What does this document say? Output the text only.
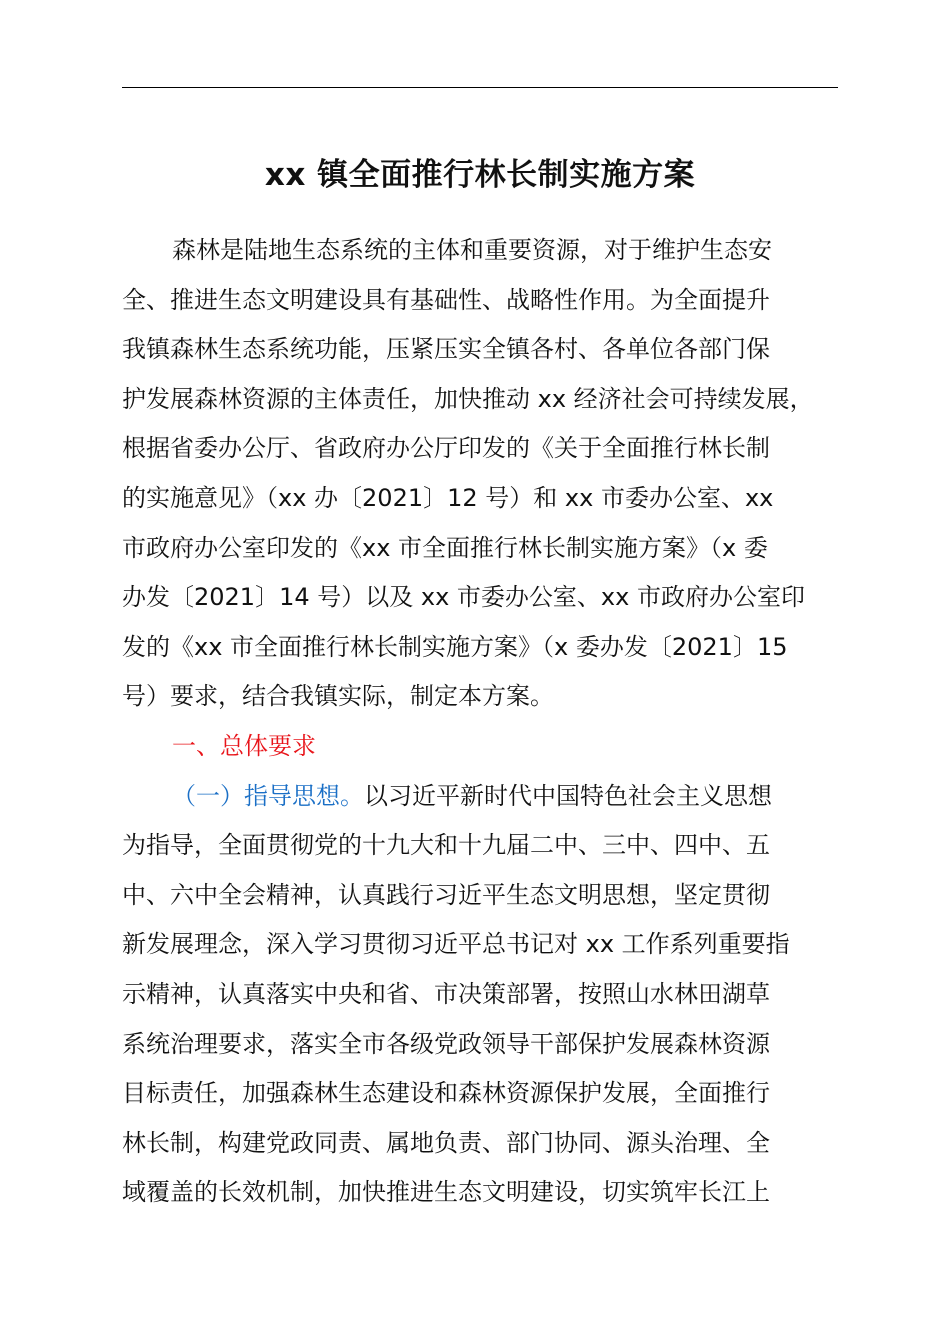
xx 镇全面推行林长制实施方案
森林是陆地生态系统的主体和重要资源，对于维护生态安
全、推进生态文明建设具有基础性、战略性作用。为全面提升
我镇森林生态系统功能，压紧压实全镇各村、各单位各部门保
护发展森林资源的主体责任，加快推动 xx 经济社会可持续发展，
根据省委办公厅、省政府办公厅印发的《关于全面推行林长制
的实施意见》（xx 办〔2021〕12 号）和 xx 市委办公室、xx
市政府办公室印发的《xx 市全面推行林长制实施方案》（x 委
办发〔2021〕14 号）以及 xx 市委办公室、xx 市政府办公室印
发的《xx 市全面推行林长制实施方案》（x 委办发〔2021〕15
号）要求，结合我镇实际，制定本方案。
一、总体要求
（一）指导思想。以习近平新时代中国特色社会主义思想
为指导，全面贯彻党的十九大和十九届二中、三中、四中、五
中、六中全会精神，认真践行习近平生态文明思想，坚定贯彻
新发展理念，深入学习贯彻习近平总书记对 xx 工作系列重要指
示精神，认真落实中央和省、市决策部署，按照山水林田湖草
系统治理要求，落实全市各级党政领导干部保护发展森林资源
目标责任，加强森林生态建设和森林资源保护发展，全面推行
林长制，构建党政同责、属地负责、部门协同、源头治理、全
域覆盖的长效机制，加快推进生态文明建设，切实筑牢长江上
